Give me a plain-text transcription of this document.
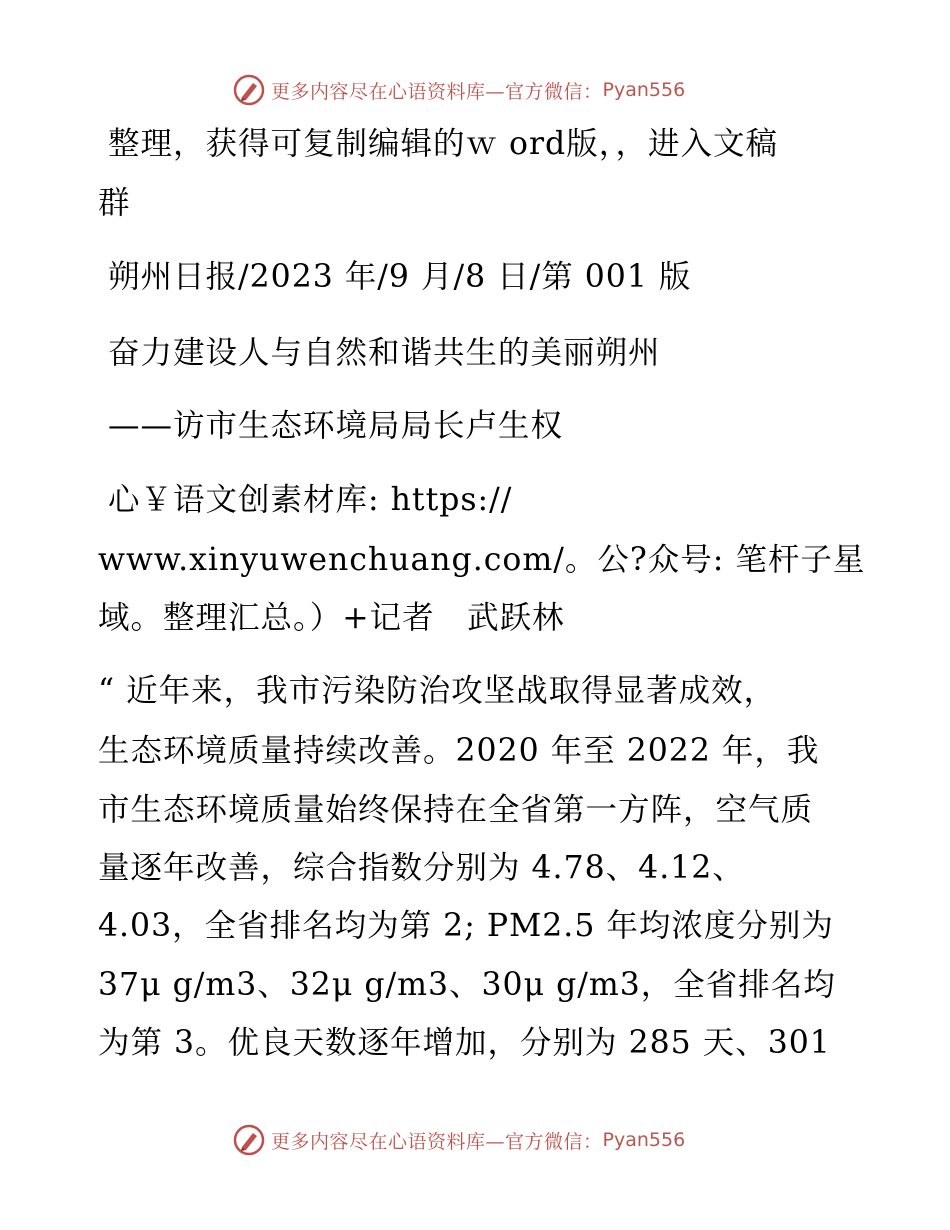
更多内容尽在心语资料库—官方微信： Pyan556

整理，获得可复制编辑的ｗ ord版，，进入文稿

群

朔州日报/2023 年/9 月/8 日/第 001 版

奋力建设人与自然和谐共生的美丽朔州

——访市生态环境局局长卢生权

心￥语文创素材库: https://

www.xinyuwenchuang.com/。公?众号: 笔杆子星

域。整理汇总。）+记者　武跃林

“ 近年来，我市污染防治攻坚战取得显著成效，

生态环境质量持续改善。2020 年至 2022 年，我

市生态环境质量始终保持在全省第一方阵，空气质

量逐年改善，综合指数分别为 4.78、4.12、

4.03，全省排名均为第 2; PM2.5 年均浓度分别为

37μ g/m3、32μ g/m3、30μ g/m3，全省排名均

为第 3。优良天数逐年增加，分别为 285 天、301

更多内容尽在心语资料库—官方微信： Pyan556
